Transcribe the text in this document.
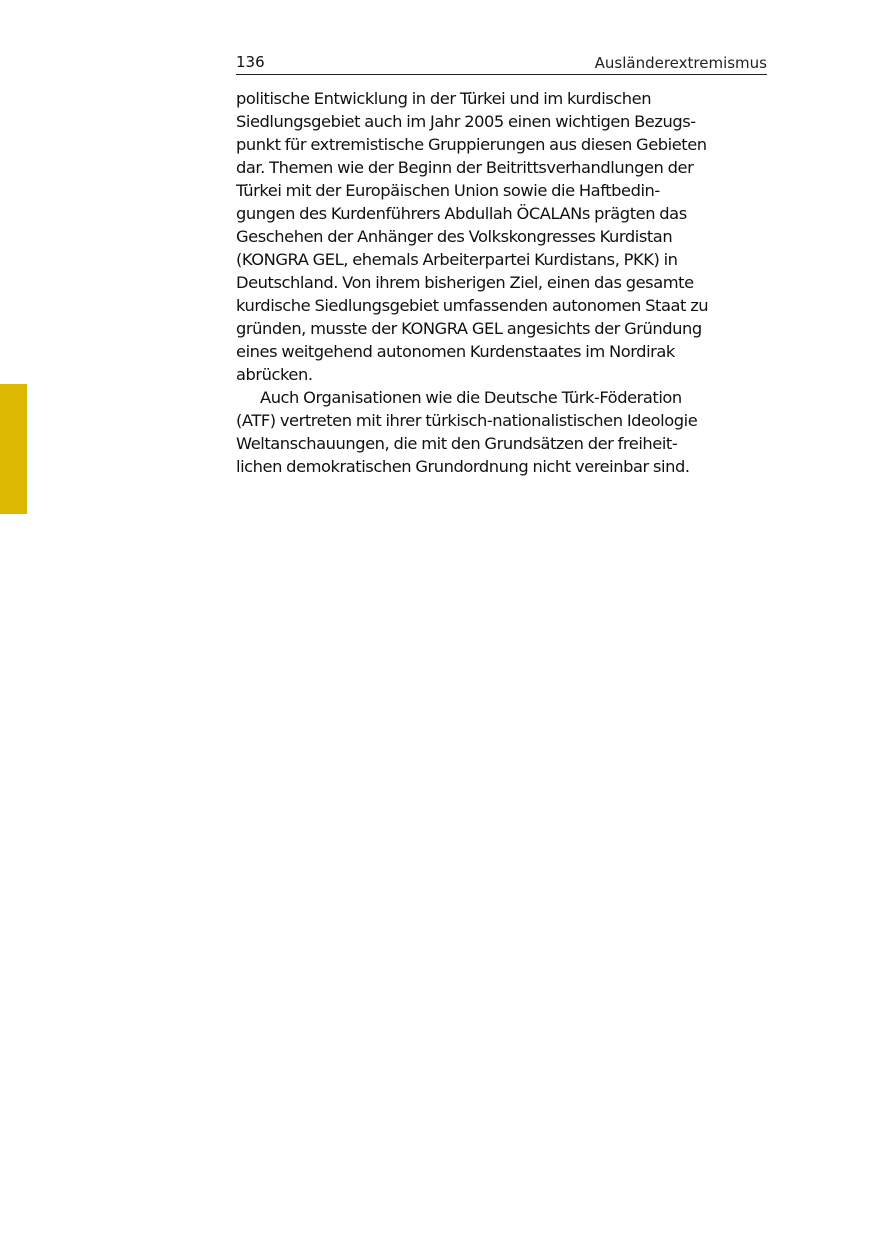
136	Ausländerextremismus
politische Entwicklung in der Türkei und im kurdischen
Siedlungsgebiet auch im Jahr 2005 einen wichtigen Bezugs-
punkt für extremistische Gruppierungen aus diesen Gebieten
dar. Themen wie der Beginn der Beitrittsverhandlungen der
Türkei mit der Europäischen Union sowie die Haftbedin-
gungen des Kurdenführers Abdullah ÖCALANs prägten das
Geschehen der Anhänger des Volkskongresses Kurdistan
(KONGRA GEL, ehemals Arbeiterpartei Kurdistans, PKK) in
Deutschland. Von ihrem bisherigen Ziel, einen das gesamte
kurdische Siedlungsgebiet umfassenden autonomen Staat zu
gründen, musste der KONGRA GEL angesichts der Gründung
eines weitgehend autonomen Kurdenstaates im Nordirak
abrücken.
Auch Organisationen wie die Deutsche Türk-Föderation
(ATF) vertreten mit ihrer türkisch-nationalistischen Ideologie
Weltanschauungen, die mit den Grundsätzen der freiheit-
lichen demokratischen Grundordnung nicht vereinbar sind.
